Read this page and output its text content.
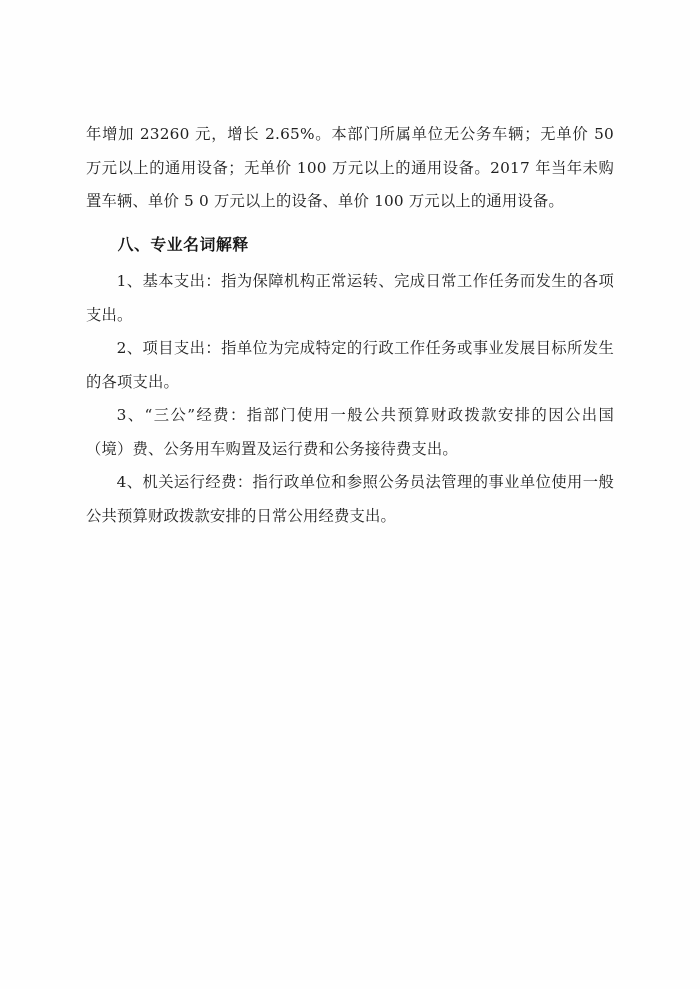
年增加 23260 元，增长 2.65%。本部门所属单位无公务车辆；无单价 50 万元以上的通用设备；无单价 100 万元以上的通用设备。2017 年当年未购置车辆、单价 5 0 万元以上的设备、单价 100 万元以上的通用设备。

八、专业名词解释

1、基本支出：指为保障机构正常运转、完成日常工作任务而发生的各项支出。

2、项目支出：指单位为完成特定的行政工作任务或事业发展目标所发生的各项支出。

3、“三公”经费：指部门使用一般公共预算财政拨款安排的因公出国（境）费、公务用车购置及运行费和公务接待费支出。

4、机关运行经费：指行政单位和参照公务员法管理的事业单位使用一般公共预算财政拨款安排的日常公用经费支出。
